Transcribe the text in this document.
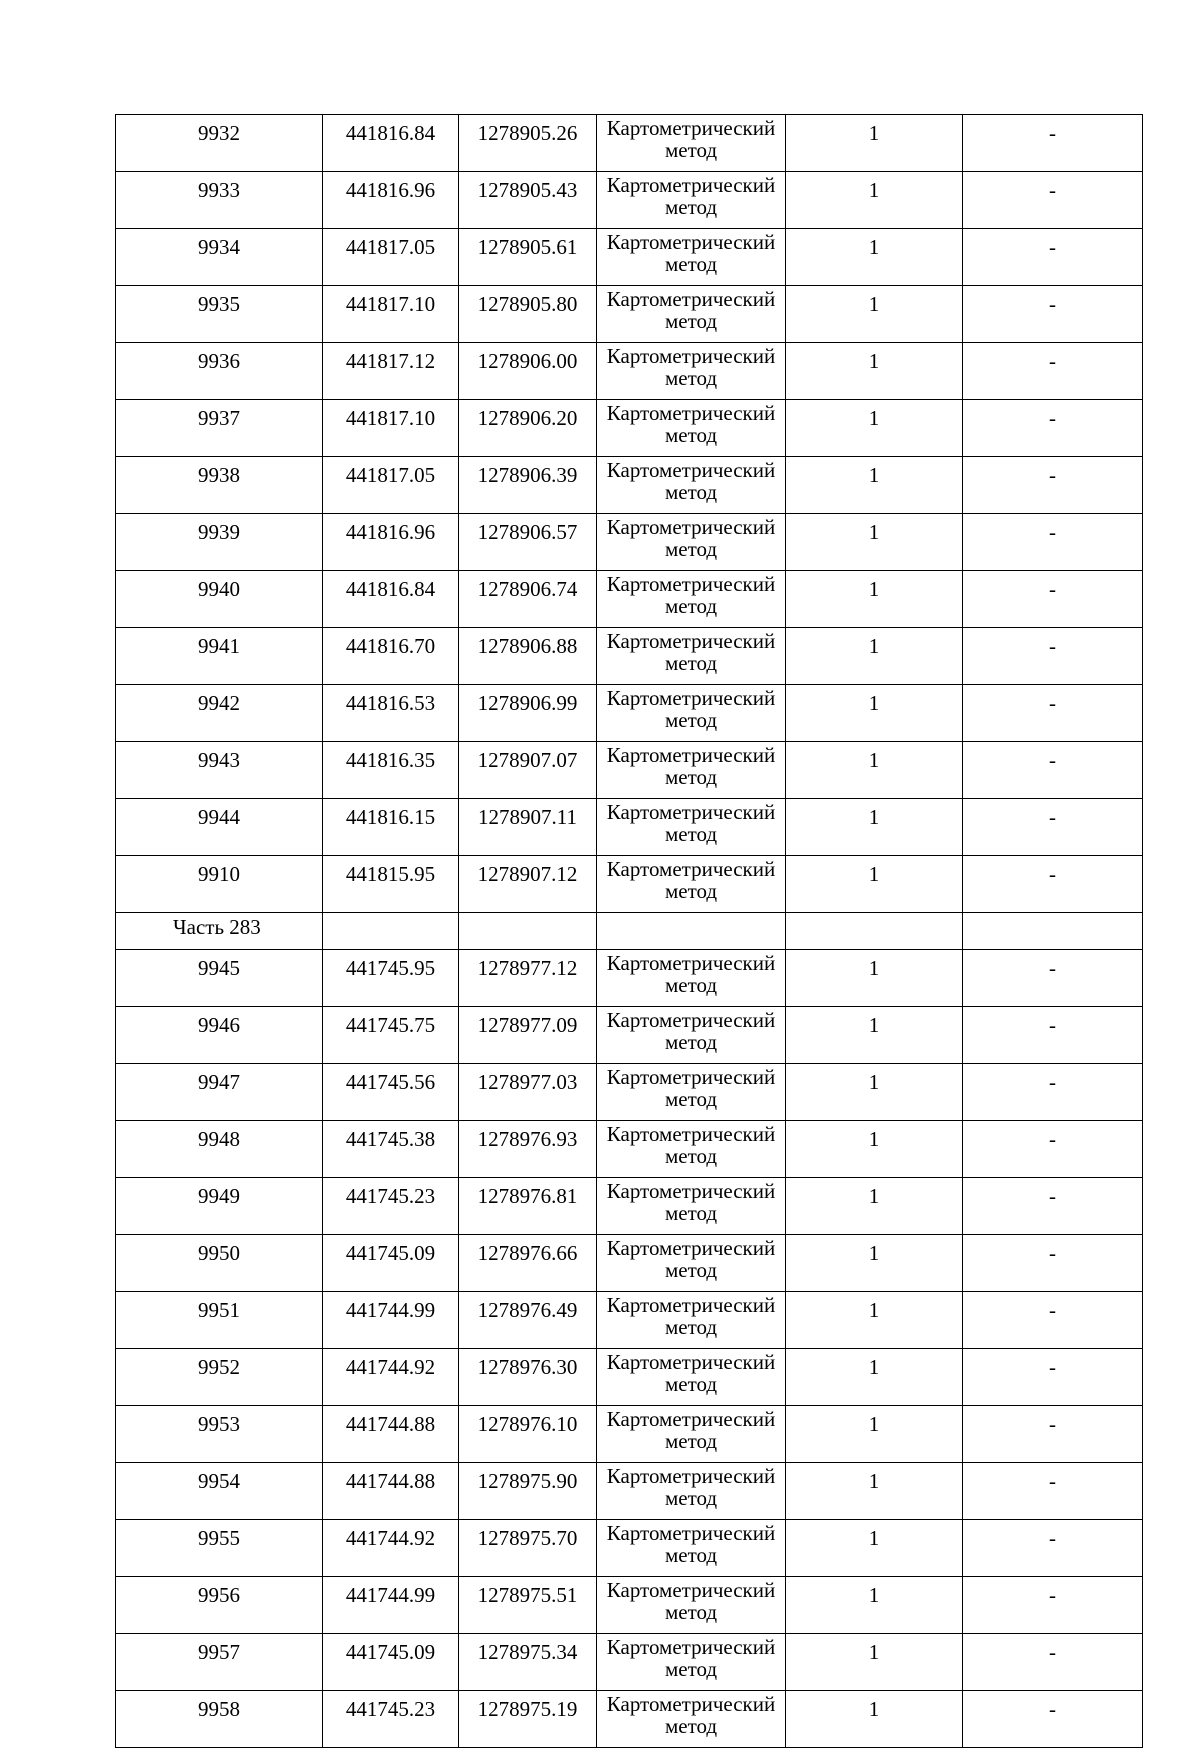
9932	441816.84	1278905.26	Картометрический метод	1	-
9933	441816.96	1278905.43	Картометрический метод	1	-
9934	441817.05	1278905.61	Картометрический метод	1	-
9935	441817.10	1278905.80	Картометрический метод	1	-
9936	441817.12	1278906.00	Картометрический метод	1	-
9937	441817.10	1278906.20	Картометрический метод	1	-
9938	441817.05	1278906.39	Картометрический метод	1	-
9939	441816.96	1278906.57	Картометрический метод	1	-
9940	441816.84	1278906.74	Картометрический метод	1	-
9941	441816.70	1278906.88	Картометрический метод	1	-
9942	441816.53	1278906.99	Картометрический метод	1	-
9943	441816.35	1278907.07	Картометрический метод	1	-
9944	441816.15	1278907.11	Картометрический метод	1	-
9910	441815.95	1278907.12	Картометрический метод	1	-
Часть 283					
9945	441745.95	1278977.12	Картометрический метод	1	-
9946	441745.75	1278977.09	Картометрический метод	1	-
9947	441745.56	1278977.03	Картометрический метод	1	-
9948	441745.38	1278976.93	Картометрический метод	1	-
9949	441745.23	1278976.81	Картометрический метод	1	-
9950	441745.09	1278976.66	Картометрический метод	1	-
9951	441744.99	1278976.49	Картометрический метод	1	-
9952	441744.92	1278976.30	Картометрический метод	1	-
9953	441744.88	1278976.10	Картометрический метод	1	-
9954	441744.88	1278975.90	Картометрический метод	1	-
9955	441744.92	1278975.70	Картометрический метод	1	-
9956	441744.99	1278975.51	Картометрический метод	1	-
9957	441745.09	1278975.34	Картометрический метод	1	-
9958	441745.23	1278975.19	Картометрический метод	1	-
